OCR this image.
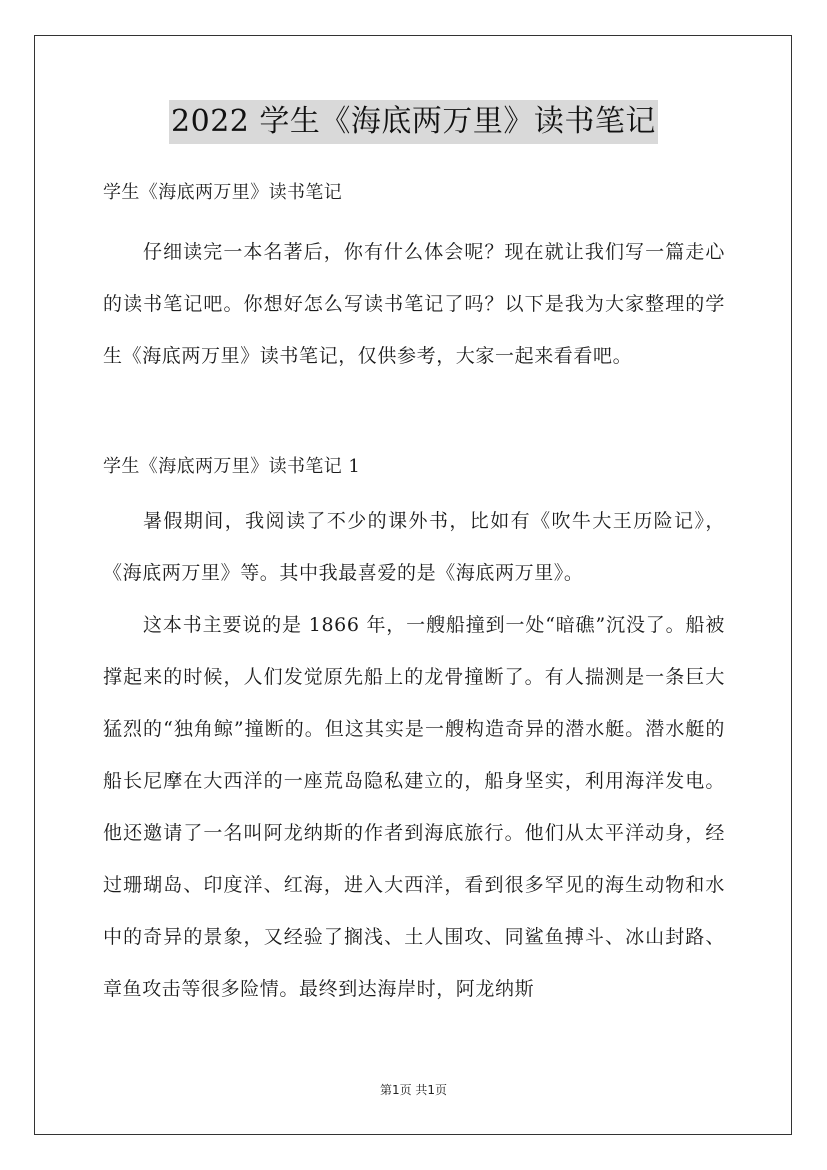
2022 学生《海底两万里》读书笔记
学生《海底两万里》读书笔记

仔细读完一本名著后，你有什么体会呢？现在就让我们写一篇走心的读书笔记吧。你想好怎么写读书笔记了吗？以下是我为大家整理的学生《海底两万里》读书笔记，仅供参考，大家一起来看看吧。

学生《海底两万里》读书笔记 1

暑假期间，我阅读了不少的课外书，比如有《吹牛大王历险记》，《海底两万里》等。其中我最喜爱的是《海底两万里》。

这本书主要说的是 1866 年，一艘船撞到一处“暗礁”沉没了。船被撑起来的时候，人们发觉原先船上的龙骨撞断了。有人揣测是一条巨大猛烈的“独角鲸”撞断的。但这其实是一艘构造奇异的潜水艇。潜水艇的船长尼摩在大西洋的一座荒岛隐私建立的，船身坚实，利用海洋发电。他还邀请了一名叫阿龙纳斯的作者到海底旅行。他们从太平洋动身，经过珊瑚岛、印度洋、红海，进入大西洋，看到很多罕见的海生动物和水中的奇异的景象，又经验了搁浅、土人围攻、同鲨鱼搏斗、冰山封路、章鱼攻击等很多险情。最终到达海岸时，阿龙纳斯

第1页 共1页
